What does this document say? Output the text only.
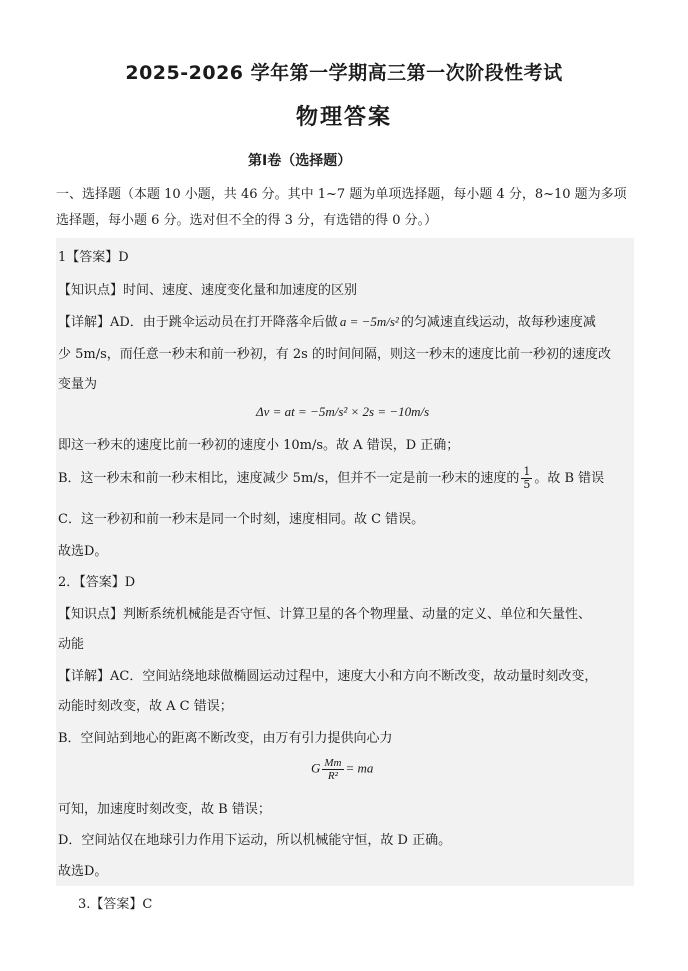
2025-2026 学年第一学期高三第一次阶段性考试
物理答案
第Ⅰ卷（选择题）
一、选择题（本题 10 小题，共 46 分。其中 1~7 题为单项选择题，每小题 4 分，8~10 题为多项选择题，每小题 6 分。选对但不全的得 3 分，有选错的得 0 分。）
1【答案】D
【知识点】时间、速度、速度变化量和加速度的区别
【详解】AD．由于跳伞运动员在打开降落伞后做 a = −5m/s² 的匀减速直线运动，故每秒速度减
少 5m/s，而任意一秒末和前一秒初，有 2s 的时间间隔，则这一秒末的速度比前一秒初的速度改
变量为
Δv = at = −5m/s² × 2s = −10m/s
即这一秒末的速度比前一秒初的速度小 10m/s。故 A 错误，D 正确；
B．这一秒末和前一秒末相比，速度减少 5m/s，但并不一定是前一秒末的速度的 $\frac{1}{5}$ 。故 B 错误
C．这一秒初和前一秒末是同一个时刻，速度相同。故 C 错误。
故选D。
2．【答案】D
【知识点】判断系统机械能是否守恒、计算卫星的各个物理量、动量的定义、单位和矢量性、
动能
【详解】AC．空间站绕地球做椭圆运动过程中，速度大小和方向不断改变，故动量时刻改变，
动能时刻改变，故 A C 错误；
B．空间站到地心的距离不断改变，由万有引力提供向心力
G $\frac{Mm}{\text{R²}}$ = ma
可知，加速度时刻改变，故 B 错误；
D．空间站仅在地球引力作用下运动，所以机械能守恒，故 D 正确。
故选D。
3.【答案】C
